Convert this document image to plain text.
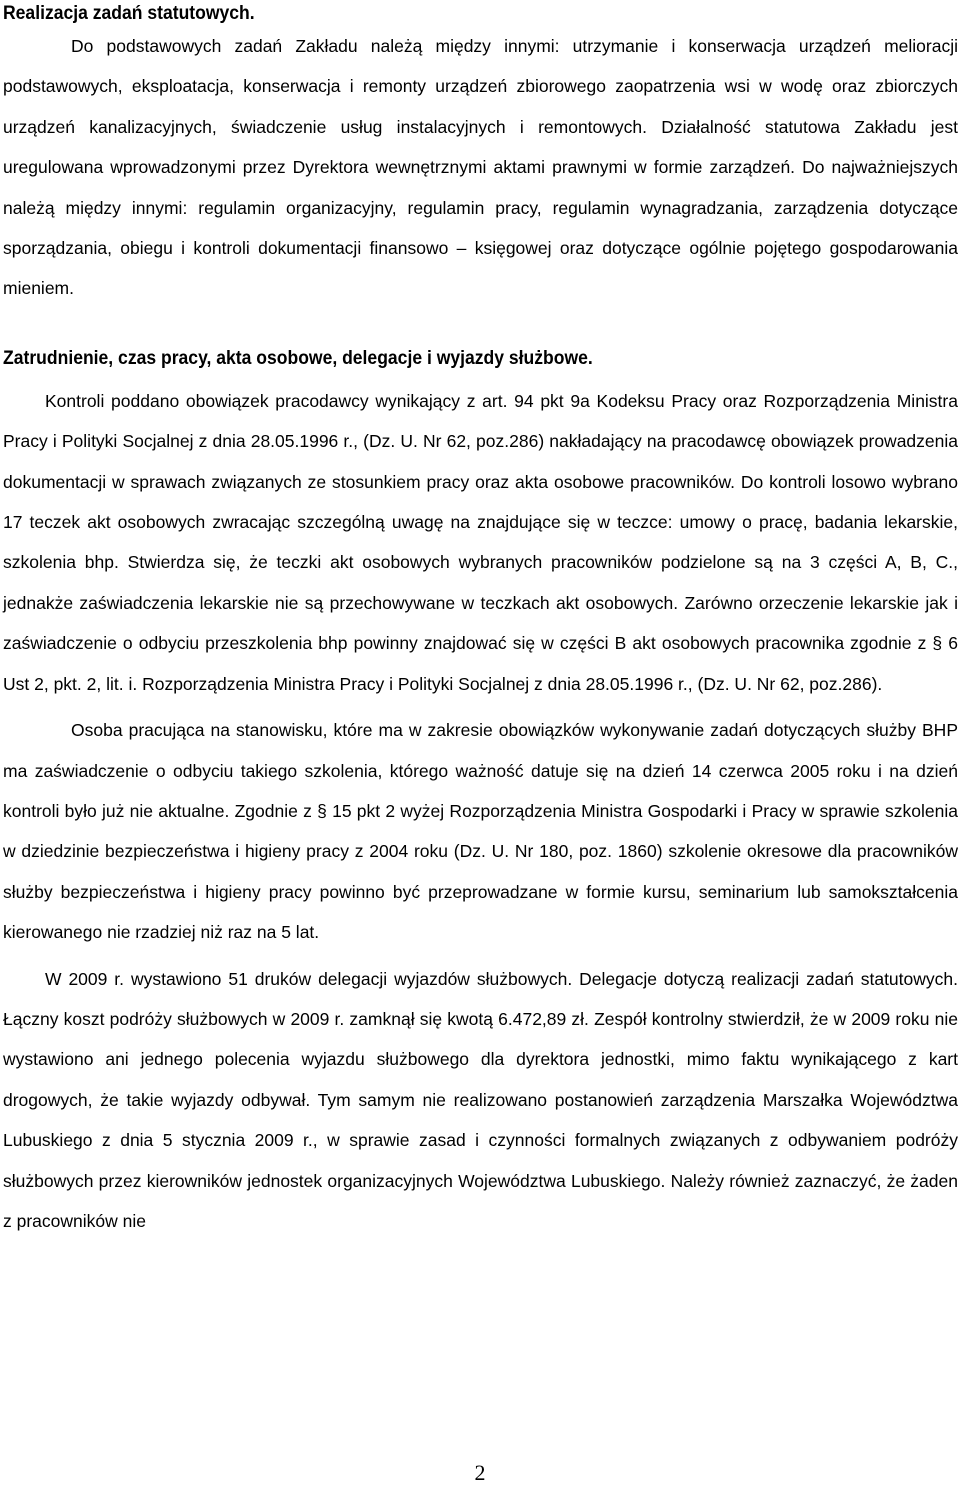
Realizacja zadań statutowych.

Do podstawowych zadań Zakładu należą między innymi: utrzymanie i konserwacja urządzeń melioracji podstawowych, eksploatacja, konserwacja i remonty urządzeń zbiorowego zaopatrzenia wsi w wodę oraz zbiorczych urządzeń kanalizacyjnych, świadczenie usług instalacyjnych i remontowych. Działalność statutowa Zakładu jest uregulowana wprowadzonymi przez Dyrektora wewnętrznymi aktami prawnymi w formie zarządzeń. Do najważniejszych należą między innymi: regulamin organizacyjny, regulamin pracy, regulamin wynagradzania, zarządzenia dotyczące sporządzania, obiegu i kontroli dokumentacji finansowo – księgowej oraz dotyczące ogólnie pojętego gospodarowania mieniem.

Zatrudnienie, czas pracy, akta osobowe, delegacje i wyjazdy służbowe.

Kontroli poddano obowiązek pracodawcy wynikający z art. 94 pkt 9a Kodeksu Pracy oraz Rozporządzenia Ministra Pracy i Polityki Socjalnej z dnia 28.05.1996 r., (Dz. U. Nr 62, poz.286) nakładający na pracodawcę obowiązek prowadzenia dokumentacji w sprawach związanych ze stosunkiem pracy oraz akta osobowe pracowników. Do kontroli losowo wybrano 17 teczek akt osobowych zwracając szczególną uwagę na znajdujące się w teczce: umowy o pracę, badania lekarskie, szkolenia bhp. Stwierdza się, że teczki akt osobowych wybranych pracowników podzielone są na 3 części A, B, C., jednakże zaświadczenia lekarskie nie są przechowywane w teczkach akt osobowych. Zarówno orzeczenie lekarskie jak i zaświadczenie o odbyciu przeszkolenia bhp powinny znajdować się w części B akt osobowych pracownika zgodnie z § 6 Ust 2, pkt. 2, lit. i. Rozporządzenia Ministra Pracy i Polityki Socjalnej z dnia 28.05.1996 r., (Dz. U. Nr 62, poz.286).

Osoba pracująca na stanowisku, które ma w zakresie obowiązków wykonywanie zadań dotyczących służby BHP ma zaświadczenie o odbyciu takiego szkolenia, którego ważność datuje się na dzień 14 czerwca 2005 roku i na dzień kontroli było już nie aktualne. Zgodnie z § 15 pkt 2 wyżej Rozporządzenia Ministra Gospodarki i Pracy w sprawie szkolenia w dziedzinie bezpieczeństwa i higieny pracy z 2004 roku (Dz. U. Nr 180, poz. 1860) szkolenie okresowe dla pracowników służby bezpieczeństwa i higieny pracy powinno być przeprowadzane w formie kursu, seminarium lub samokształcenia kierowanego nie rzadziej niż raz na 5 lat.

W 2009 r. wystawiono 51 druków delegacji wyjazdów służbowych. Delegacje dotyczą realizacji zadań statutowych. Łączny koszt podróży służbowych w 2009 r. zamknął się kwotą 6.472,89 zł. Zespół kontrolny stwierdził, że w 2009 roku nie wystawiono ani jednego polecenia wyjazdu służbowego dla dyrektora jednostki, mimo faktu wynikającego z kart drogowych, że takie wyjazdy odbywał. Tym samym nie realizowano postanowień zarządzenia Marszałka Województwa Lubuskiego z dnia 5 stycznia 2009 r., w sprawie zasad i czynności formalnych związanych z odbywaniem podróży służbowych przez kierowników jednostek organizacyjnych Województwa Lubuskiego. Należy również zaznaczyć, że żaden z pracowników nie

2
